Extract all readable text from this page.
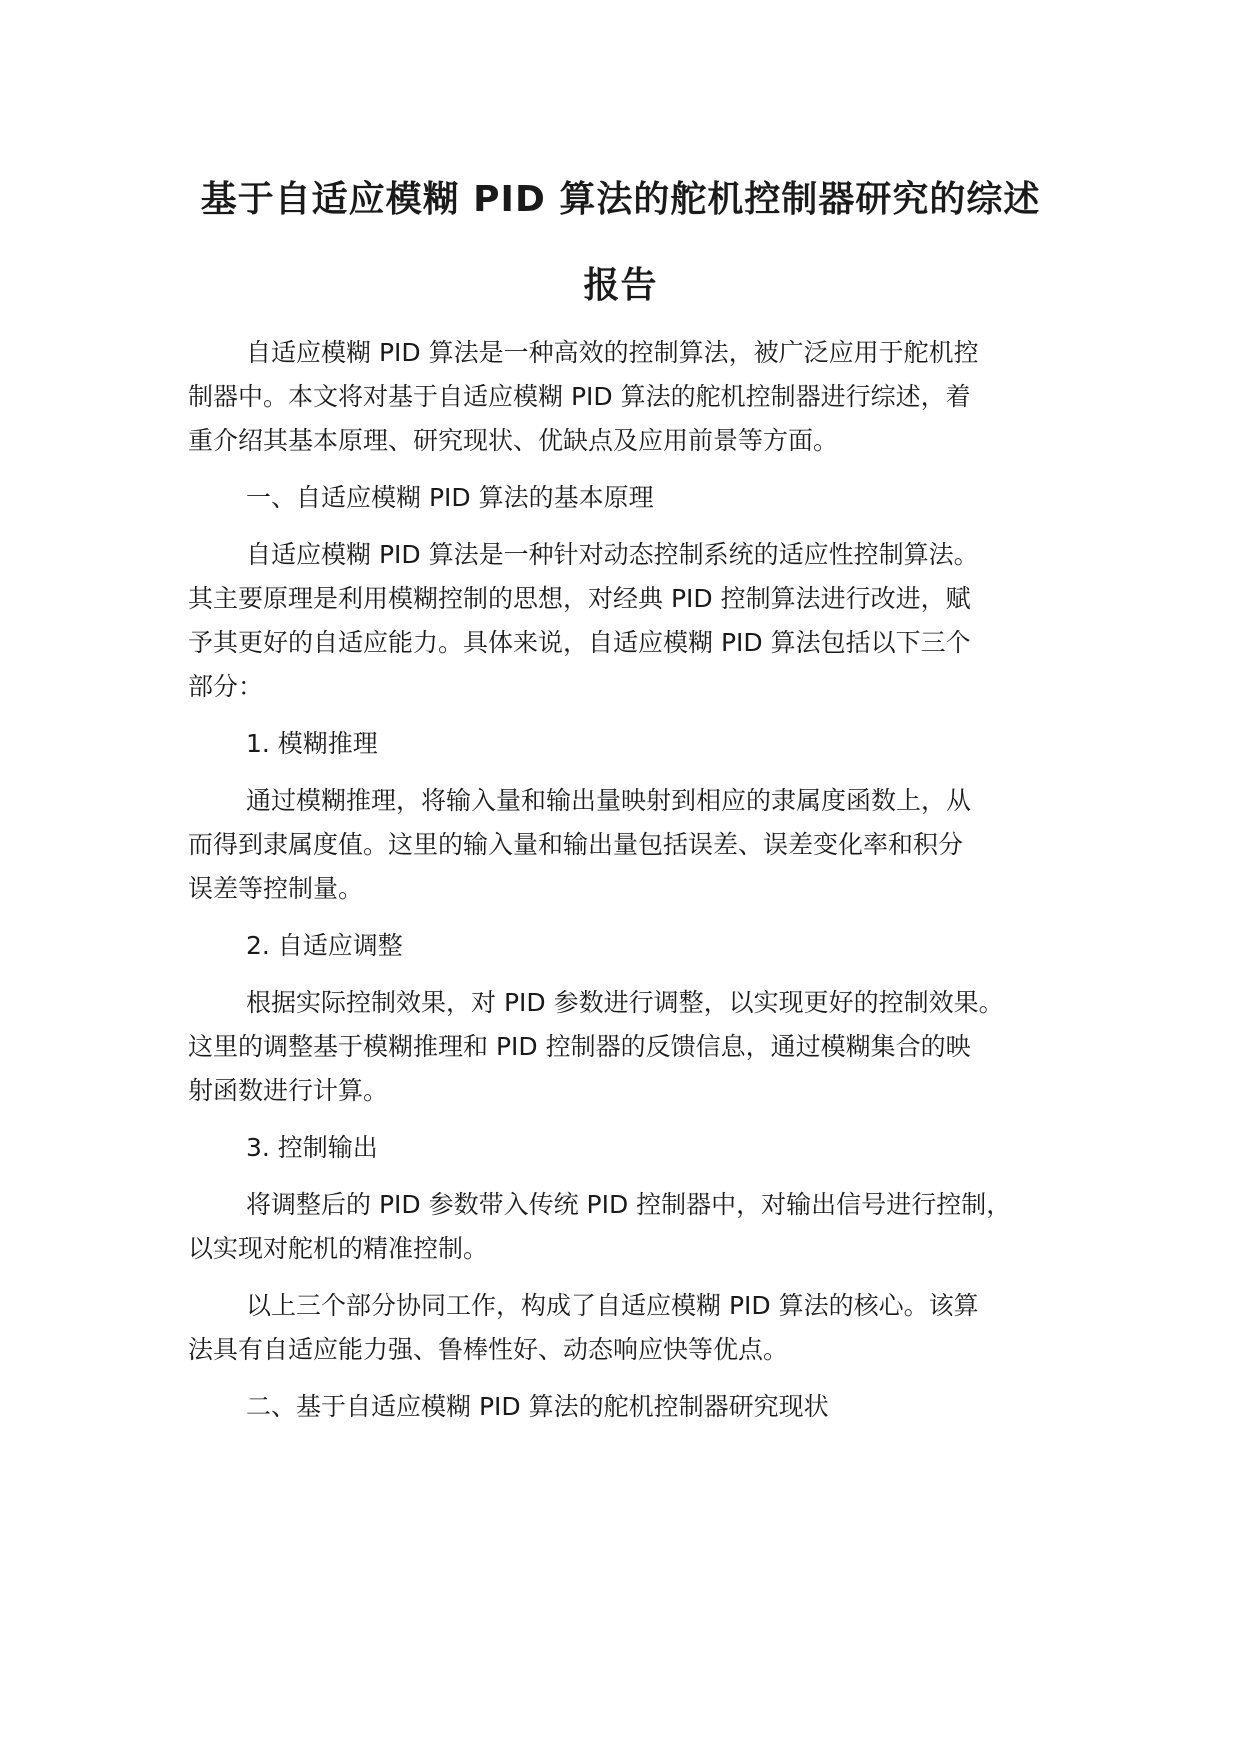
基于自适应模糊 PID 算法的舵机控制器研究的综述
报告

自适应模糊 PID 算法是一种高效的控制算法，被广泛应用于舵机控

制器中。本文将对基于自适应模糊 PID 算法的舵机控制器进行综述，着

重介绍其基本原理、研究现状、优缺点及应用前景等方面。

一、自适应模糊 PID 算法的基本原理

自适应模糊 PID 算法是一种针对动态控制系统的适应性控制算法。

其主要原理是利用模糊控制的思想，对经典 PID 控制算法进行改进，赋

予其更好的自适应能力。具体来说，自适应模糊 PID 算法包括以下三个

部分：

1. 模糊推理

通过模糊推理，将输入量和输出量映射到相应的隶属度函数上，从

而得到隶属度值。这里的输入量和输出量包括误差、误差变化率和积分

误差等控制量。

2. 自适应调整

根据实际控制效果，对 PID 参数进行调整，以实现更好的控制效果。

这里的调整基于模糊推理和 PID 控制器的反馈信息，通过模糊集合的映

射函数进行计算。

3. 控制输出

将调整后的 PID 参数带入传统 PID 控制器中，对输出信号进行控制，

以实现对舵机的精准控制。

以上三个部分协同工作，构成了自适应模糊 PID 算法的核心。该算

法具有自适应能力强、鲁棒性好、动态响应快等优点。

二、基于自适应模糊 PID 算法的舵机控制器研究现状
